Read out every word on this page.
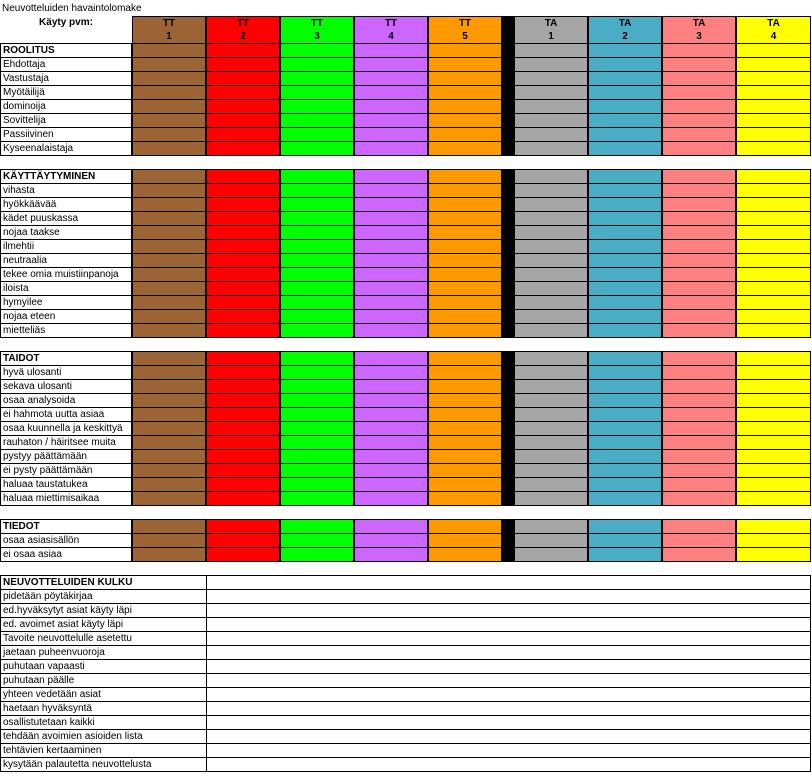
Neuvotteluiden havaintolomake
Käyty pvm:	TT
1
TT
2
TT
3
TT
4
TT
5
TA
1
TA
2
TA
3
TA
4
ROOLITUS
Ehdottaja
Vastustaja
Myötäilijä
dominoija
Sovittelija
Passiivinen
Kyseenalaistaja
KÄYTTÄYTYMINEN
vihasta
hyökkäävää
kädet puuskassa
nojaa taakse
ilmehtii
neutraalia
tekee omia muistiinpanoja
iloista
hymyilee
nojaa eteen
mietteliäs
TAIDOT
hyvä ulosanti
sekava ulosanti
osaa analysoida
ei hahmota uutta asiaa
osaa kuunnella ja keskittyä
rauhaton / häiritsee muita
pystyy päättämään
ei pysty päättämään
haluaa taustatukea
haluaa miettimisaikaa
TIEDOT
osaa asiasisällön
ei osaa asiaa
NEUVOTTELUIDEN KULKU
pidetään pöytäkirjaa
ed.hyväksytyt asiat käyty läpi
ed. avoimet asiat käyty läpi
Tavoite neuvottelulle asetettu
jaetaan puheenvuoroja
puhutaan vapaasti
puhutaan päälle
yhteen vedetään asiat
haetaan hyväksyntä
osallistutetaan kaikki
tehdään avoimien asioiden lista
tehtävien kertaaminen
kysytään palautetta neuvottelusta
